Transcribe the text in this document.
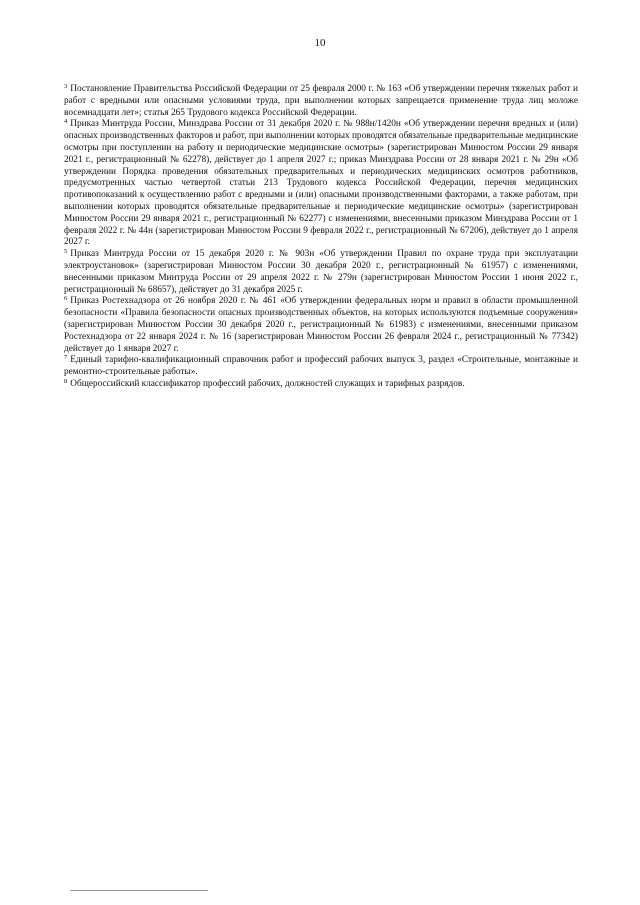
10

$^3$ Постановление Правительства Российской Федерации от 25 февраля 2000 г. № 163 «Об утверждении перечня тяжелых работ и работ с вредными или опасными условиями труда, при выполнении которых запрещается применение труда лиц моложе восемнадцати лет»; статья 265 Трудового кодекса Российской Федерации.

$^4$ Приказ Минтруда России, Минздрава России от 31 декабря 2020 г. № 988н/1420н «Об утверждении перечня вредных и (или) опасных производственных факторов и работ, при выполнении которых проводятся обязательные предварительные медицинские осмотры при поступлении на работу и периодические медицинские осмотры» (зарегистрирован Минюстом России 29 января 2021 г., регистрационный № 62278), действует до 1 апреля 2027 г.; приказ Минздрава России от 28 января 2021 г. № 29н «Об утверждении Порядка проведения обязательных предварительных и периодических медицинских осмотров работников, предусмотренных частью четвертой статьи 213 Трудового кодекса Российской Федерации, перечня медицинских противопоказаний к осуществлению работ с вредными и (или) опасными производственными факторами, а также работам, при выполнении которых проводятся обязательные предварительные и периодические медицинские осмотры» (зарегистрирован Минюстом России 29 января 2021 г., регистрационный № 62277) с изменениями, внесенными приказом Минздрава России от 1 февраля 2022 г. № 44н (зарегистрирован Минюстом России 9 февраля 2022 г., регистрационный № 67206), действует до 1 апреля 2027 г.

$^5$ Приказ Минтруда России от 15 декабря 2020 г. № 903н «Об утверждении Правил по охране труда при эксплуатации электроустановок» (зарегистрирован Минюстом России 30 декабря 2020 г., регистрационный № 61957) с изменениями, внесенными приказом Минтруда России от 29 апреля 2022 г. № 279н (зарегистрирован Минюстом России 1 июня 2022 г., регистрационный № 68657), действует до 31 декабря 2025 г.

$^6$ Приказ Ростехнадзора от 26 ноября 2020 г. № 461 «Об утверждении федеральных норм и правил в области промышленной безопасности «Правила безопасности опасных производственных объектов, на которых используются подъемные сооружения» (зарегистрирован Минюстом России 30 декабря 2020 г., регистрационный № 61983) с изменениями, внесенными приказом Ростехнадзора от 22 января 2024 г. № 16 (зарегистрирован Минюстом России 26 февраля 2024 г., регистрационный № 77342) действует до 1 января 2027 г.

$^7$ Единый тарифно-квалификационный справочник работ и профессий рабочих выпуск 3, раздел «Строительные, монтажные и ремонтно-строительные работы».

$^8$ Общероссийский классификатор профессий рабочих, должностей служащих и тарифных разрядов.
